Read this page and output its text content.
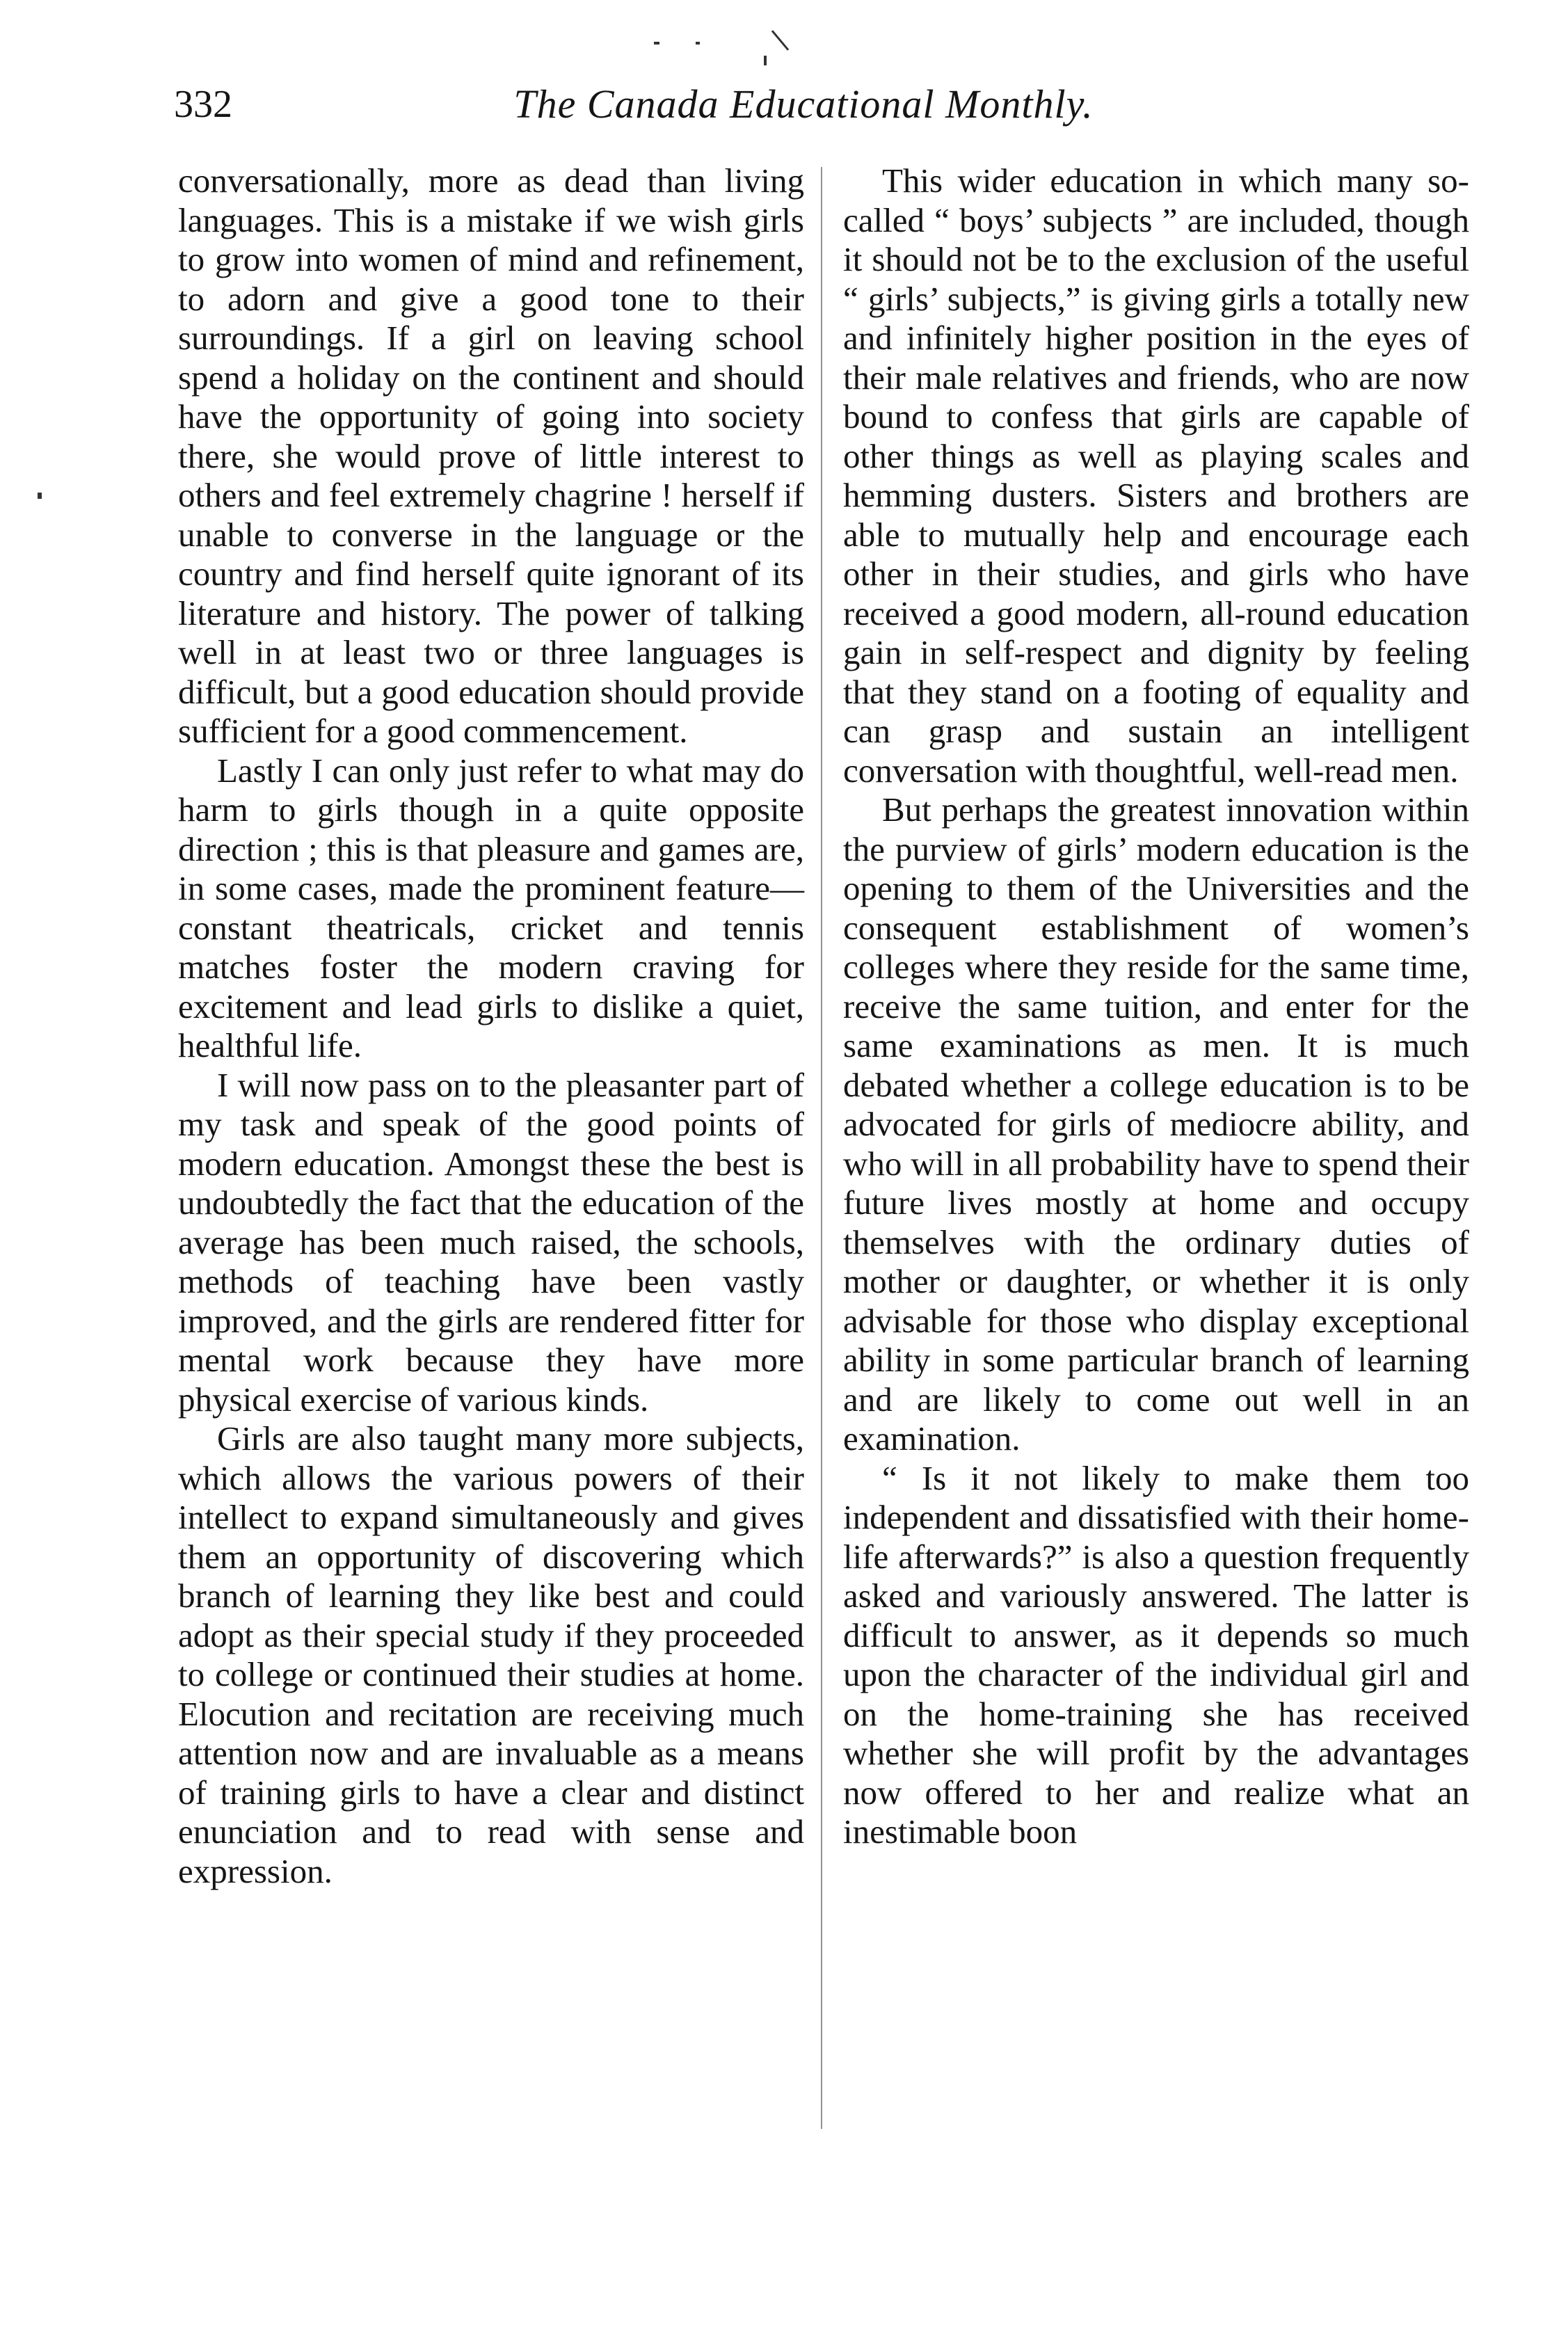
332	The Canada Educational Monthly.

conversationally, more as dead than living languages. This is a mistake if we wish girls to grow into women of mind and refinement, to adorn and give a good tone to their surroundings. If a girl on leaving school spend a holiday on the continent and should have the opportunity of going into society there, she would prove of little interest to others and feel extremely chagrine ! herself if unable to converse in the language or the country and find herself quite ignorant of its literature and history. The power of talking well in at least two or three languages is difficult, but a good education should provide sufficient for a good commencement.

Lastly I can only just refer to what may do harm to girls though in a quite opposite direction ; this is that pleasure and games are, in some cases, made the prominent feature—constant theatricals, cricket and tennis matches foster the modern craving for excitement and lead girls to dislike a quiet, healthful life.

I will now pass on to the pleasanter part of my task and speak of the good points of modern education. Amongst these the best is undoubtedly the fact that the education of the average has been much raised, the schools, methods of teaching have been vastly improved, and the girls are rendered fitter for mental work because they have more physical exercise of various kinds.

Girls are also taught many more subjects, which allows the various powers of their intellect to expand simultaneously and gives them an opportunity of discovering which branch of learning they like best and could adopt as their special study if they proceeded to college or continued their studies at home. Elocution and recitation are receiving much attention now and are invaluable as a means of training girls to have a clear and distinct enunciation and to read with sense and expression.

This wider education in which many so-called “ boys’ subjects ” are included, though it should not be to the exclusion of the useful “ girls’ subjects,” is giving girls a totally new and infinitely higher position in the eyes of their male relatives and friends, who are now bound to confess that girls are capable of other things as well as playing scales and hemming dusters. Sisters and brothers are able to mutually help and encourage each other in their studies, and girls who have received a good modern, all-round education gain in self-respect and dignity by feeling that they stand on a footing of equality and can grasp and sustain an intelligent conversation with thoughtful, well-read men.

But perhaps the greatest innovation within the purview of girls’ modern education is the opening to them of the Universities and the consequent establishment of women’s colleges where they reside for the same time, receive the same tuition, and enter for the same examinations as men. It is much debated whether a college education is to be advocated for girls of mediocre ability, and who will in all probability have to spend their future lives mostly at home and occupy themselves with the ordinary duties of mother or daughter, or whether it is only advisable for those who display exceptional ability in some particular branch of learning and are likely to come out well in an examination.

“ Is it not likely to make them too independent and dissatisfied with their home-life afterwards?” is also a question frequently asked and variously answered. The latter is difficult to answer, as it depends so much upon the character of the individual girl and on the home-training she has received whether she will profit by the advantages now offered to her and realize what an inestimable boon
